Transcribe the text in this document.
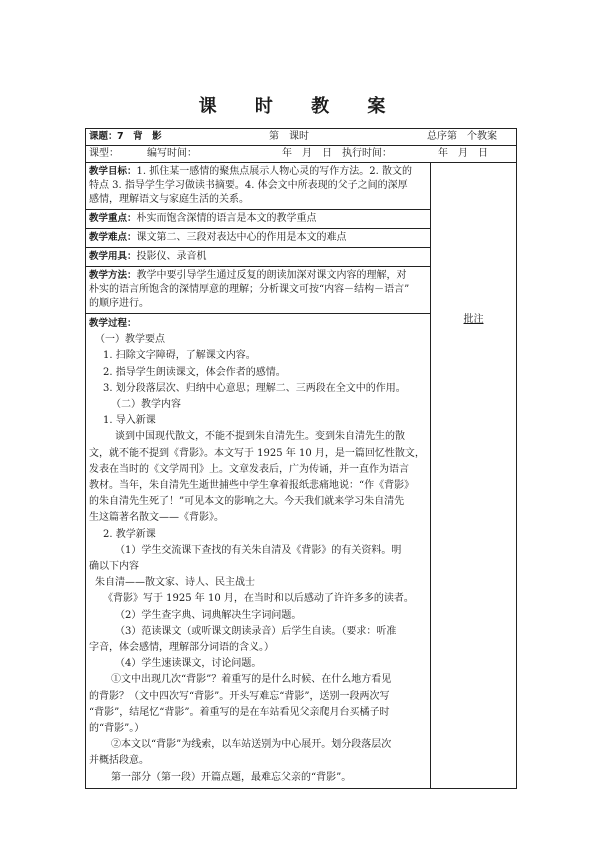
课 时 教 案
课题： 7　背　影	第　课时	总序第　个教案
课型：	编写时间：	年　月　日	执行时间：	年　月　日
教学目标：1. 抓住某一感情的聚焦点展示人物心灵的写作方法。2. 散文的
特点 3. 指导学生学习做读书摘要。4. 体会文中所表现的父子之间的深厚
感情，理解语文与家庭生活的关系。
教学重点：朴实而饱含深情的语言是本文的教学重点
教学难点：课文第二、三段对表达中心的作用是本文的难点
教学用具：投影仪、录音机
教学方法：教学中要引导学生通过反复的朗读加深对课文内容的理解，对
朴实的语言所饱含的深情厚意的理解；分析课文可按“内容－结构－语言”
的顺序进行。
教学过程：
（一）教学要点
1. 扫除文字障碍，了解课文内容。
2. 指导学生朗读课文，体会作者的感情。
3. 划分段落层次、归纳中心意思；理解二、三两段在全文中的作用。
（二）教学内容
1. 导入新课
谈到中国现代散文，不能不提到朱自清先生。变到朱自清先生的散
文，就不能不提到《背影》。本文写于 1925 年 10 月，是一篇回忆性散文，
发表在当时的《文学周刊》上。文章发表后，广为传诵，并一直作为语言
教材。当年，朱自清先生逝世捕些中学生拿着报纸悲痛地说：“作《背影》
的朱自清先生死了！”可见本文的影响之大。今天我们就来学习朱自清先
生这篇著名散文——《背影》。
2. 教学新课
（1）学生交流课下查找的有关朱自清及《背影》的有关资料。明
确以下内容
朱自清——散文家、诗人、民主战士
《背影》写于 1925 年 10 月，在当时和以后感动了许许多多的读者。
（2）学生查字典、词典解决生字词问题。
（3）范读课文（或听课文朗读录音）后学生自读。（要求：听准
字音，体会感情，理解部分词语的含义。）
（4）学生速读课文，讨论问题。
①文中出现几次“背影”？着重写的是什么时候、在什么地方看见
的背影？（文中四次写“背影”。开头写难忘“背影”，送别一段两次写
“背影”，结尾忆“背影”。着重写的是在车站看见父亲爬月台买橘子时
的“背影”。）
②本文以“背影”为线索，以车站送别为中心展开。划分段落层次
并概括段意。
第一部分（第一段）开篇点题，最难忘父亲的“背影”。
批注
